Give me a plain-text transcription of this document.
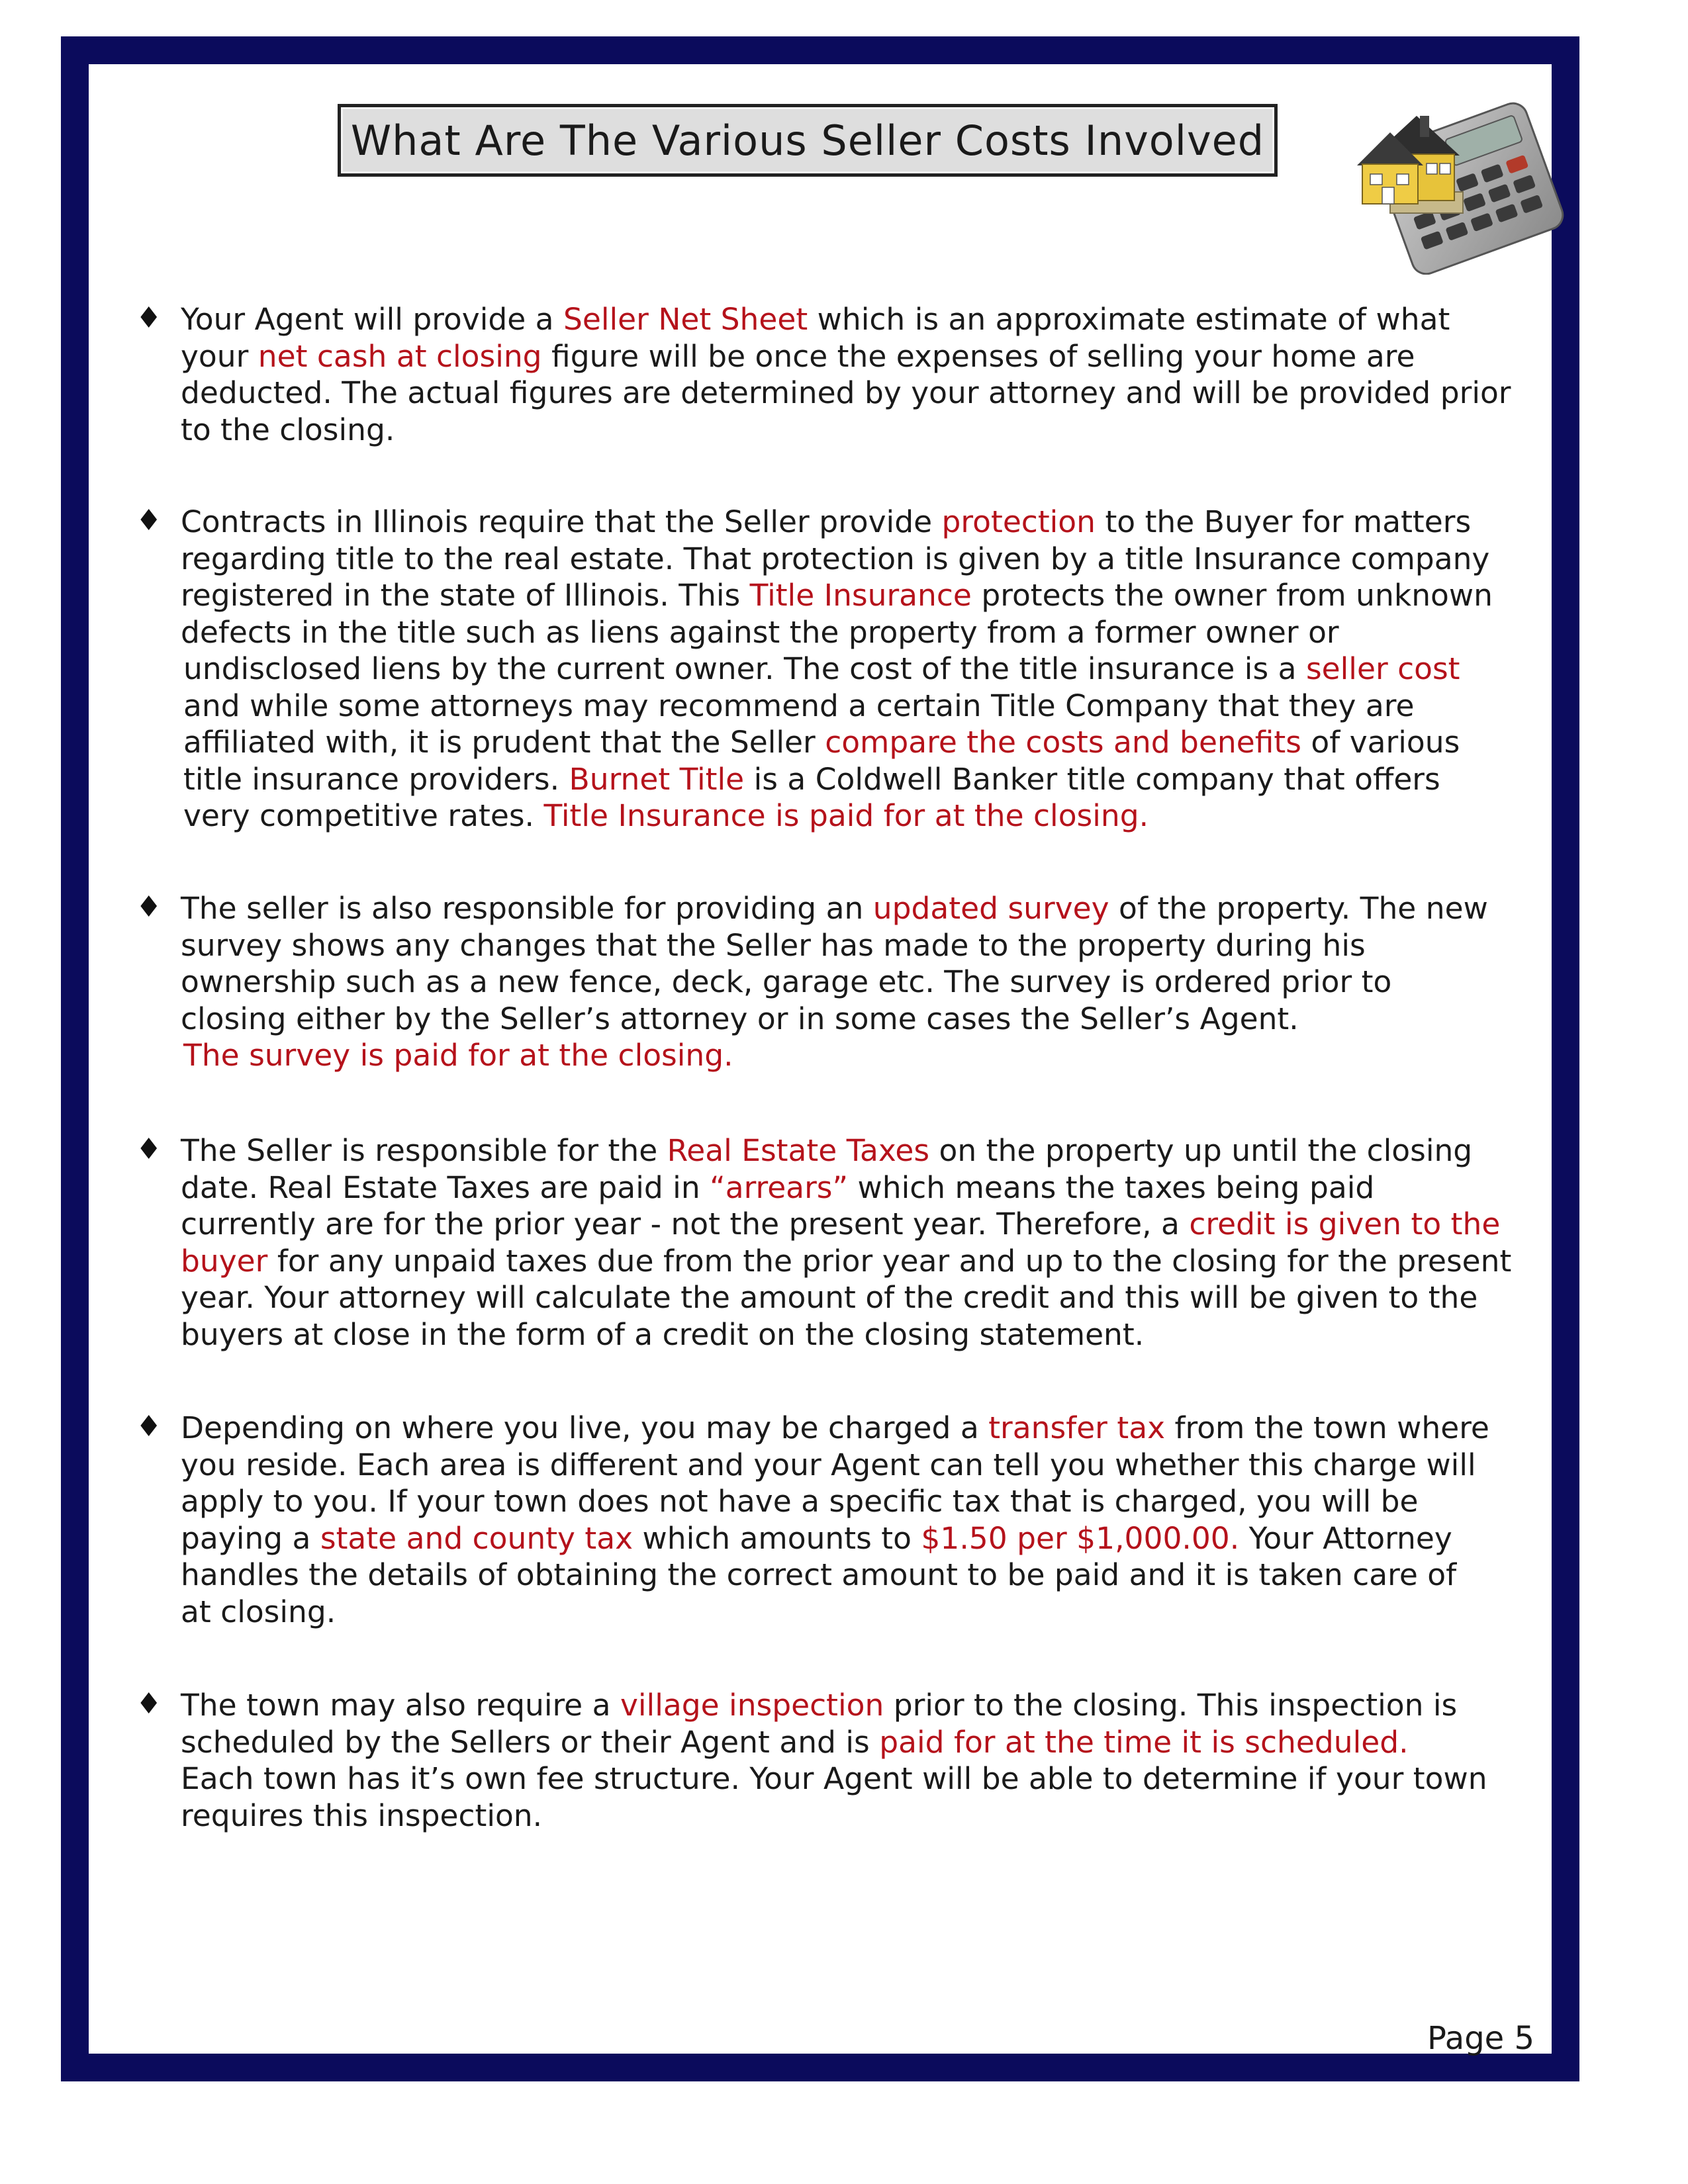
What Are The Various Seller Costs Involved
♦ Your Agent will provide a Seller Net Sheet which is an approximate estimate of what
your net cash at closing figure will be once the expenses of selling your home are
deducted. The actual figures are determined by your attorney and will be provided prior
to the closing.
♦ Contracts in Illinois require that the Seller provide protection to the Buyer for matters
regarding title to the real estate. That protection is given by a title Insurance company
registered in the state of Illinois. This Title Insurance protects the owner from unknown
defects in the title such as liens against the property from a former owner or
undisclosed liens by the current owner. The cost of the title insurance is a seller cost
and while some attorneys may recommend a certain Title Company that they are
affiliated with, it is prudent that the Seller compare the costs and benefits of various
title insurance providers. Burnet Title is a Coldwell Banker title company that offers
very competitive rates. Title Insurance is paid for at the closing.
♦ The seller is also responsible for providing an updated survey of the property. The new
survey shows any changes that the Seller has made to the property during his
ownership such as a new fence, deck, garage etc. The survey is ordered prior to
closing either by the Seller’s attorney or in some cases the Seller’s Agent.
The survey is paid for at the closing.
♦ The Seller is responsible for the Real Estate Taxes on the property up until the closing
date. Real Estate Taxes are paid in “arrears” which means the taxes being paid
currently are for the prior year - not the present year. Therefore, a credit is given to the
buyer for any unpaid taxes due from the prior year and up to the closing for the present
year. Your attorney will calculate the amount of the credit and this will be given to the
buyers at close in the form of a credit on the closing statement.
♦ Depending on where you live, you may be charged a transfer tax from the town where
you reside. Each area is different and your Agent can tell you whether this charge will
apply to you. If your town does not have a specific tax that is charged, you will be
paying a state and county tax which amounts to $1.50 per $1,000.00. Your Attorney
handles the details of obtaining the correct amount to be paid and it is taken care of
at closing.
♦ The town may also require a village inspection prior to the closing. This inspection is
scheduled by the Sellers or their Agent and is paid for at the time it is scheduled.
Each town has it’s own fee structure. Your Agent will be able to determine if your town
requires this inspection.
Page 5
